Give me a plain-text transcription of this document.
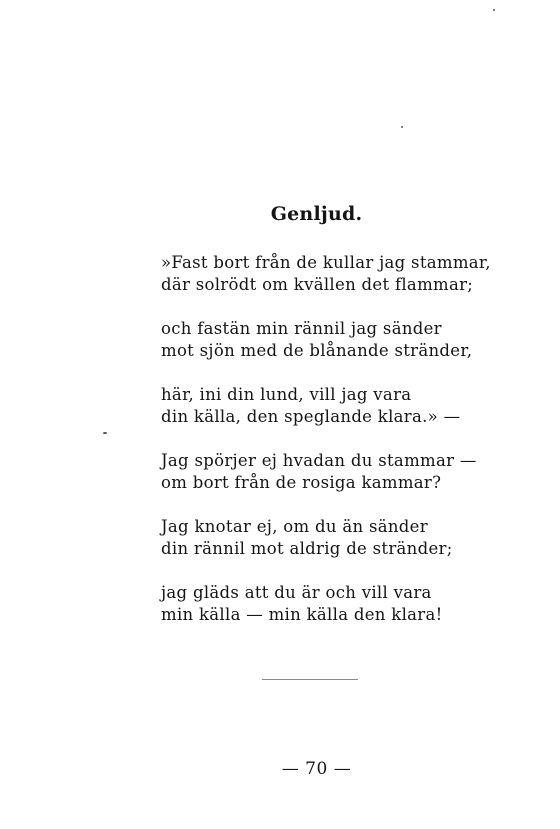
Genljud.
»Fast bort från de kullar jag stammar,
där solrödt om kvällen det flammar;
och fastän min rännil jag sänder
mot sjön med de blånande stränder,
här, ini din lund, vill jag vara
din källa, den speglande klara.» —
Jag spörjer ej hvadan du stammar —
om bort från de rosiga kammar?
Jag knotar ej, om du än sänder
din rännil mot aldrig de stränder;
jag gläds att du är och vill vara
min källa — min källa den klara!
— 70 —
